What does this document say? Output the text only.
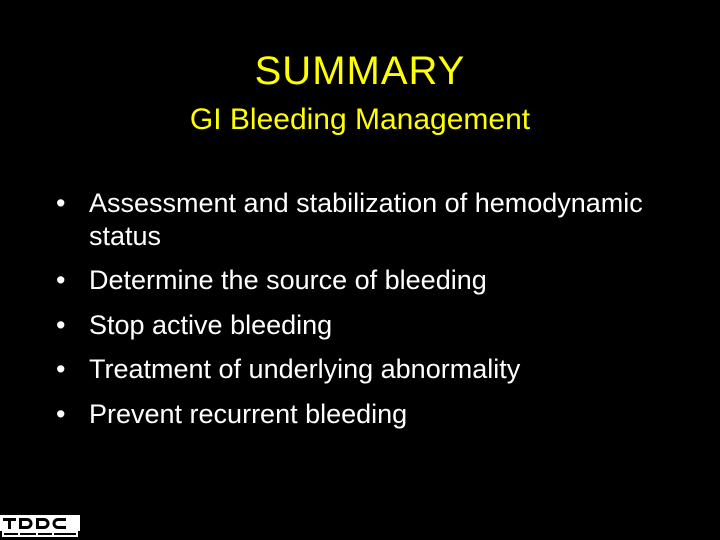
SUMMARY
GI Bleeding Management
• Assessment and stabilization of hemodynamic status
• Determine the source of bleeding
• Stop active bleeding
• Treatment of underlying abnormality
• Prevent recurrent bleeding
